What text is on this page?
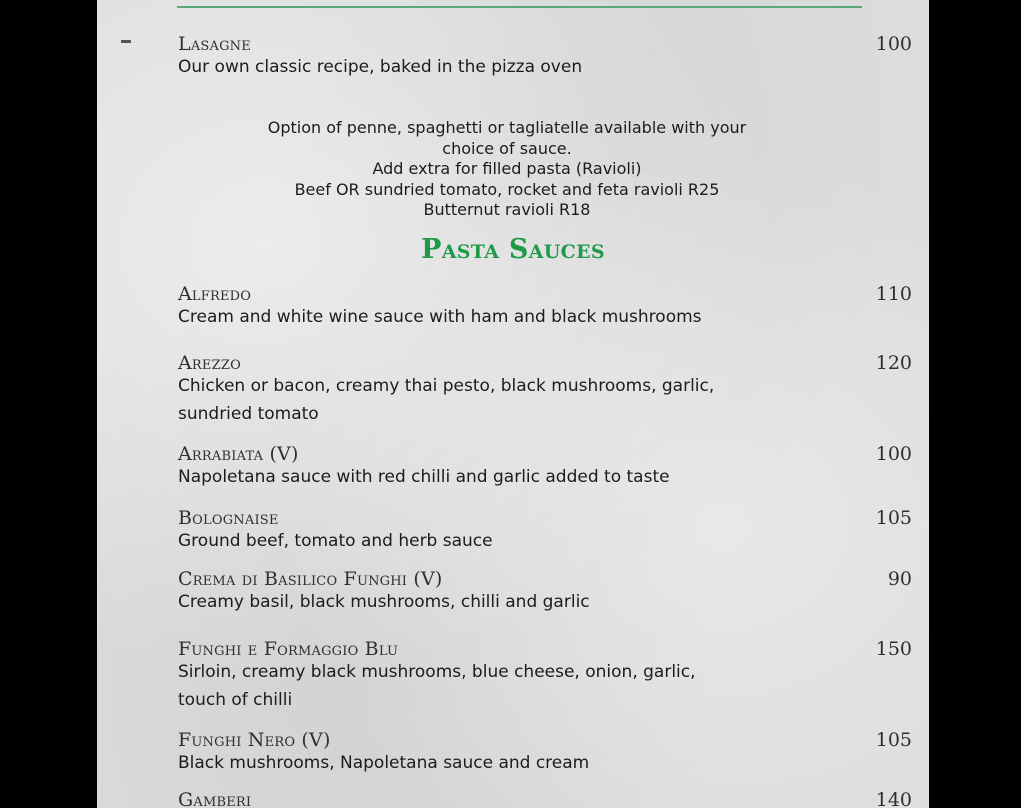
Lasagne	100
Our own classic recipe, baked in the pizza oven
Option of penne, spaghetti or tagliatelle available with your
choice of sauce.
Add extra for filled pasta (Ravioli)
Beef OR sundried tomato, rocket and feta ravioli R25
Butternut ravioli R18
Pasta Sauces
Alfredo	110
Cream and white wine sauce with ham and black mushrooms
Arezzo	120
Chicken or bacon, creamy thai pesto, black mushrooms, garlic,
sundried tomato
Arrabiata (V)	100
Napoletana sauce with red chilli and garlic added to taste
Bolognaise	105
Ground beef, tomato and herb sauce
Crema di Basilico Funghi (V)	90
Creamy basil, black mushrooms, chilli and garlic
Funghi e Formaggio Blu	150
Sirloin, creamy black mushrooms, blue cheese, onion, garlic,
touch of chilli
Funghi Nero (V)	105
Black mushrooms, Napoletana sauce and cream
Gamberi	140
